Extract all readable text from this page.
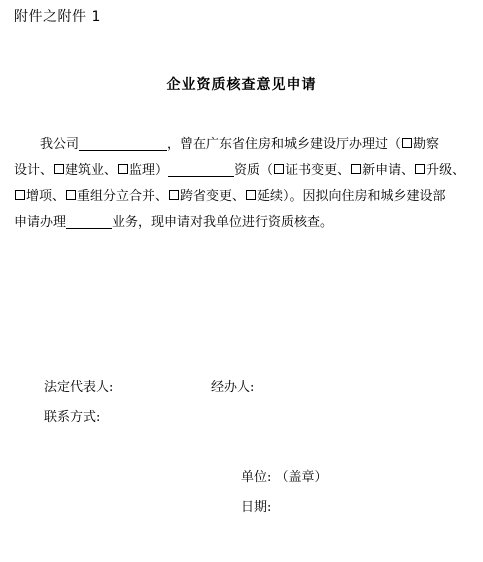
附件之附件 1
企业资质核查意见申请
我公司	，曾在广东省住房和城乡建设厅办理过（ 勘察
设计、 建筑业、 监理）	资质（ 证书变更、 新申请、 升级、
增项、 重组分立合并、 跨省变更、 延续）。因拟向住房和城乡建设部
申请办理	业务，现申请对我单位进行资质核查。
法定代表人:	经办人:
联系方式:
单位: （盖章）
日期:
